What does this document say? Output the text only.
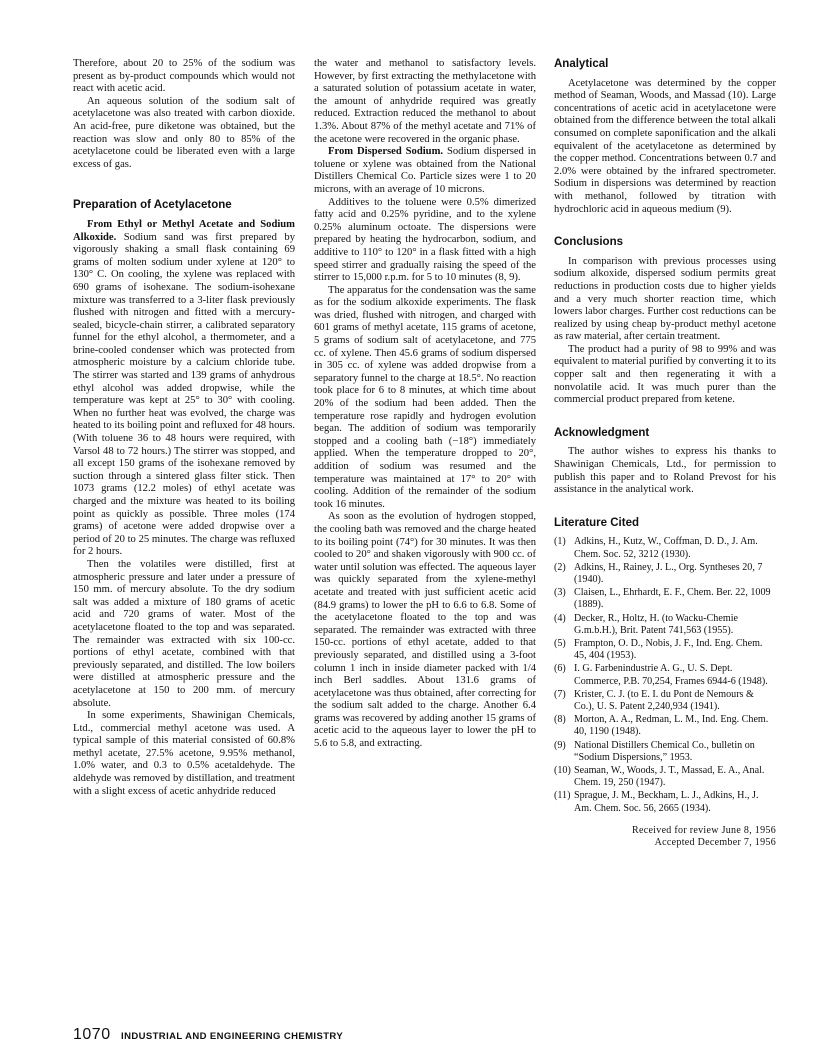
Therefore, about 20 to 25% of the sodium was present as by-product compounds which would not react with acetic acid.

An aqueous solution of the sodium salt of acetylacetone was also treated with carbon dioxide. An acid-free, pure diketone was obtained, but the reaction was slow and only 80 to 85% of the acetylacetone could be liberated even with a large excess of gas.

Preparation of Acetylacetone

From Ethyl or Methyl Acetate and Sodium Alkoxide. Sodium sand was first prepared by vigorously shaking a small flask containing 69 grams of molten sodium under xylene at 120° to 130° C. On cooling, the xylene was replaced with 690 grams of isohexane. The sodium-isohexane mixture was transferred to a 3-liter flask previously flushed with nitrogen and fitted with a mercury-sealed, bicycle-chain stirrer, a calibrated separatory funnel for the ethyl alcohol, a thermometer, and a brine-cooled condenser which was protected from atmospheric moisture by a calcium chloride tube. The stirrer was started and 139 grams of anhydrous ethyl alcohol was added dropwise, while the temperature was kept at 25° to 30° with cooling. When no further heat was evolved, the charge was heated to its boiling point and refluxed for 48 hours. (With toluene 36 to 48 hours were required, with Varsol 48 to 72 hours.) The stirrer was stopped, and all except 150 grams of the isohexane removed by suction through a sintered glass filter stick. Then 1073 grams (12.2 moles) of ethyl acetate was charged and the mixture was heated to its boiling point as quickly as possible. Three moles (174 grams) of acetone were added dropwise over a period of 20 to 25 minutes. The charge was refluxed for 2 hours.

Then the volatiles were distilled, first at atmospheric pressure and later under a pressure of 150 mm. of mercury absolute. To the dry sodium salt was added a mixture of 180 grams of acetic acid and 720 grams of water. Most of the acetylacetone floated to the top and was separated. The remainder was extracted with six 100-cc. portions of ethyl acetate, combined with that previously separated, and distilled. The low boilers were distilled at atmospheric pressure and the acetylacetone at 150 to 200 mm. of mercury absolute.

In some experiments, Shawinigan Chemicals, Ltd., commercial methyl acetone was used. A typical sample of this material consisted of 60.8% methyl acetate, 27.5% acetone, 9.95% methanol, 1.0% water, and 0.3 to 0.5% acetaldehyde. The aldehyde was removed by distillation, and treatment with a slight excess of acetic anhydride reduced

the water and methanol to satisfactory levels. However, by first extracting the methylacetone with a saturated solution of potassium acetate in water, the amount of anhydride required was greatly reduced. Extraction reduced the methanol to about 1.3%. About 87% of the methyl acetate and 71% of the acetone were recovered in the organic phase.

From Dispersed Sodium. Sodium dispersed in toluene or xylene was obtained from the National Distillers Chemical Co. Particle sizes were 1 to 20 microns, with an average of 10 microns.

Additives to the toluene were 0.5% dimerized fatty acid and 0.25% pyridine, and to the xylene 0.25% aluminum octoate. The dispersions were prepared by heating the hydrocarbon, sodium, and additive to 110° to 120° in a flask fitted with a high speed stirrer and gradually raising the speed of the stirrer to 15,000 r.p.m. for 5 to 10 minutes (8, 9).

The apparatus for the condensation was the same as for the sodium alkoxide experiments. The flask was dried, flushed with nitrogen, and charged with 601 grams of methyl acetate, 115 grams of acetone, 5 grams of sodium salt of acetylacetone, and 775 cc. of xylene. Then 45.6 grams of sodium dispersed in 305 cc. of xylene was added dropwise from a separatory funnel to the charge at 18.5°. No reaction took place for 6 to 8 minutes, at which time about 20% of the sodium had been added. Then the temperature rose rapidly and hydrogen evolution began. The addition of sodium was temporarily stopped and a cooling bath (−18°) immediately applied. When the temperature dropped to 20°, addition of sodium was resumed and the temperature was maintained at 17° to 20° with cooling. Addition of the remainder of the sodium took 16 minutes.

As soon as the evolution of hydrogen stopped, the cooling bath was removed and the charge heated to its boiling point (74°) for 30 minutes. It was then cooled to 20° and shaken vigorously with 900 cc. of water until solution was effected. The aqueous layer was quickly separated from the xylene-methyl acetate and treated with just sufficient acetic acid (84.9 grams) to lower the pH to 6.6 to 6.8. Some of the acetylacetone floated to the top and was separated. The remainder was extracted with three 150-cc. portions of ethyl acetate, added to that previously separated, and distilled using a 3-foot column 1 inch in inside diameter packed with 1/4 inch Berl saddles. About 131.6 grams of acetylacetone was thus obtained, after correcting for the sodium salt added to the charge. Another 6.4 grams was recovered by adding another 15 grams of acetic acid to the aqueous layer to lower the pH to 5.6 to 5.8, and extracting.

Analytical

Acetylacetone was determined by the copper method of Seaman, Woods, and Massad (10). Large concentrations of acetic acid in acetylacetone were obtained from the difference between the total alkali consumed on complete saponification and the alkali equivalent of the acetylacetone as determined by the copper method. Concentrations between 0.7 and 2.0% were obtained by the infrared spectrometer. Sodium in dispersions was determined by reaction with methanol, followed by titration with hydrochloric acid in aqueous medium (9).

Conclusions

In comparison with previous processes using sodium alkoxide, dispersed sodium permits great reductions in production costs due to higher yields and a very much shorter reaction time, which lowers labor charges. Further cost reductions can be realized by using cheap by-product methyl acetone as raw material, after certain treatment.

The product had a purity of 98 to 99% and was equivalent to material purified by converting it to its copper salt and then regenerating it with a nonvolatile acid. It was much purer than the commercial product prepared from ketene.

Acknowledgment

The author wishes to express his thanks to Shawinigan Chemicals, Ltd., for permission to publish this paper and to Roland Prevost for his assistance in the analytical work.

Literature Cited
(1) Adkins, H., Kutz, W., Coffman, D. D., J. Am. Chem. Soc. 52, 3212 (1930).
(2) Adkins, H., Rainey, J. L., Org. Syntheses 20, 7 (1940).
(3) Claisen, L., Ehrhardt, E. F., Chem. Ber. 22, 1009 (1889).
(4) Decker, R., Holtz, H. (to Wacku-Chemie G.m.b.H.), Brit. Patent 741,563 (1955).
(5) Frampton, O. D., Nobis, J. F., Ind. Eng. Chem. 45, 404 (1953).
(6) I. G. Farbenindustrie A. G., U. S. Dept. Commerce, P.B. 70,254, Frames 6944-6 (1948).
(7) Krister, C. J. (to E. I. du Pont de Nemours & Co.), U. S. Patent 2,240,934 (1941).
(8) Morton, A. A., Redman, L. M., Ind. Eng. Chem. 40, 1190 (1948).
(9) National Distillers Chemical Co., bulletin on “Sodium Dispersions,” 1953.
(10) Seaman, W., Woods, J. T., Massad, E. A., Anal. Chem. 19, 250 (1947).
(11) Sprague, J. M., Beckham, L. J., Adkins, H., J. Am. Chem. Soc. 56, 2665 (1934).
Received for review June 8, 1956
Accepted December 7, 1956
1070 INDUSTRIAL AND ENGINEERING CHEMISTRY
